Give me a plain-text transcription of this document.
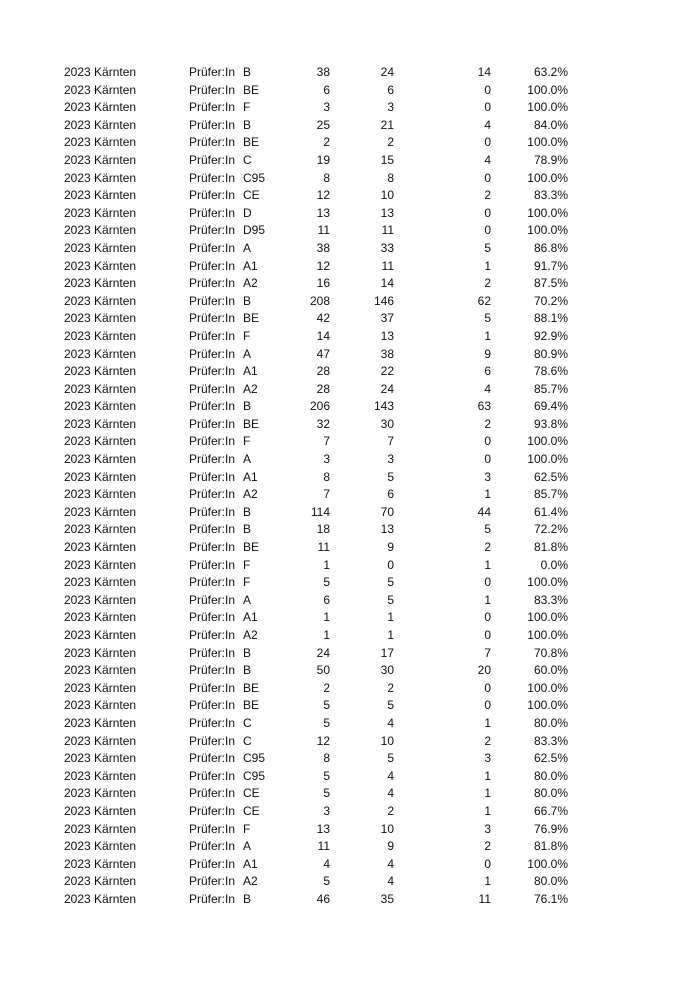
2023 Kärnten	Prüfer:In B	38	24	14	63.2%
2023 Kärnten	Prüfer:In BE	6	6	0	100.0%
2023 Kärnten	Prüfer:In F	3	3	0	100.0%
2023 Kärnten	Prüfer:In B	25	21	4	84.0%
2023 Kärnten	Prüfer:In BE	2	2	0	100.0%
2023 Kärnten	Prüfer:In C	19	15	4	78.9%
2023 Kärnten	Prüfer:In C95	8	8	0	100.0%
2023 Kärnten	Prüfer:In CE	12	10	2	83.3%
2023 Kärnten	Prüfer:In D	13	13	0	100.0%
2023 Kärnten	Prüfer:In D95	11	11	0	100.0%
2023 Kärnten	Prüfer:In A	38	33	5	86.8%
2023 Kärnten	Prüfer:In A1	12	11	1	91.7%
2023 Kärnten	Prüfer:In A2	16	14	2	87.5%
2023 Kärnten	Prüfer:In B	208	146	62	70.2%
2023 Kärnten	Prüfer:In BE	42	37	5	88.1%
2023 Kärnten	Prüfer:In F	14	13	1	92.9%
2023 Kärnten	Prüfer:In A	47	38	9	80.9%
2023 Kärnten	Prüfer:In A1	28	22	6	78.6%
2023 Kärnten	Prüfer:In A2	28	24	4	85.7%
2023 Kärnten	Prüfer:In B	206	143	63	69.4%
2023 Kärnten	Prüfer:In BE	32	30	2	93.8%
2023 Kärnten	Prüfer:In F	7	7	0	100.0%
2023 Kärnten	Prüfer:In A	3	3	0	100.0%
2023 Kärnten	Prüfer:In A1	8	5	3	62.5%
2023 Kärnten	Prüfer:In A2	7	6	1	85.7%
2023 Kärnten	Prüfer:In B	114	70	44	61.4%
2023 Kärnten	Prüfer:In B	18	13	5	72.2%
2023 Kärnten	Prüfer:In BE	11	9	2	81.8%
2023 Kärnten	Prüfer:In F	1	0	1	0.0%
2023 Kärnten	Prüfer:In F	5	5	0	100.0%
2023 Kärnten	Prüfer:In A	6	5	1	83.3%
2023 Kärnten	Prüfer:In A1	1	1	0	100.0%
2023 Kärnten	Prüfer:In A2	1	1	0	100.0%
2023 Kärnten	Prüfer:In B	24	17	7	70.8%
2023 Kärnten	Prüfer:In B	50	30	20	60.0%
2023 Kärnten	Prüfer:In BE	2	2	0	100.0%
2023 Kärnten	Prüfer:In BE	5	5	0	100.0%
2023 Kärnten	Prüfer:In C	5	4	1	80.0%
2023 Kärnten	Prüfer:In C	12	10	2	83.3%
2023 Kärnten	Prüfer:In C95	8	5	3	62.5%
2023 Kärnten	Prüfer:In C95	5	4	1	80.0%
2023 Kärnten	Prüfer:In CE	5	4	1	80.0%
2023 Kärnten	Prüfer:In CE	3	2	1	66.7%
2023 Kärnten	Prüfer:In F	13	10	3	76.9%
2023 Kärnten	Prüfer:In A	11	9	2	81.8%
2023 Kärnten	Prüfer:In A1	4	4	0	100.0%
2023 Kärnten	Prüfer:In A2	5	4	1	80.0%
2023 Kärnten	Prüfer:In B	46	35	11	76.1%
